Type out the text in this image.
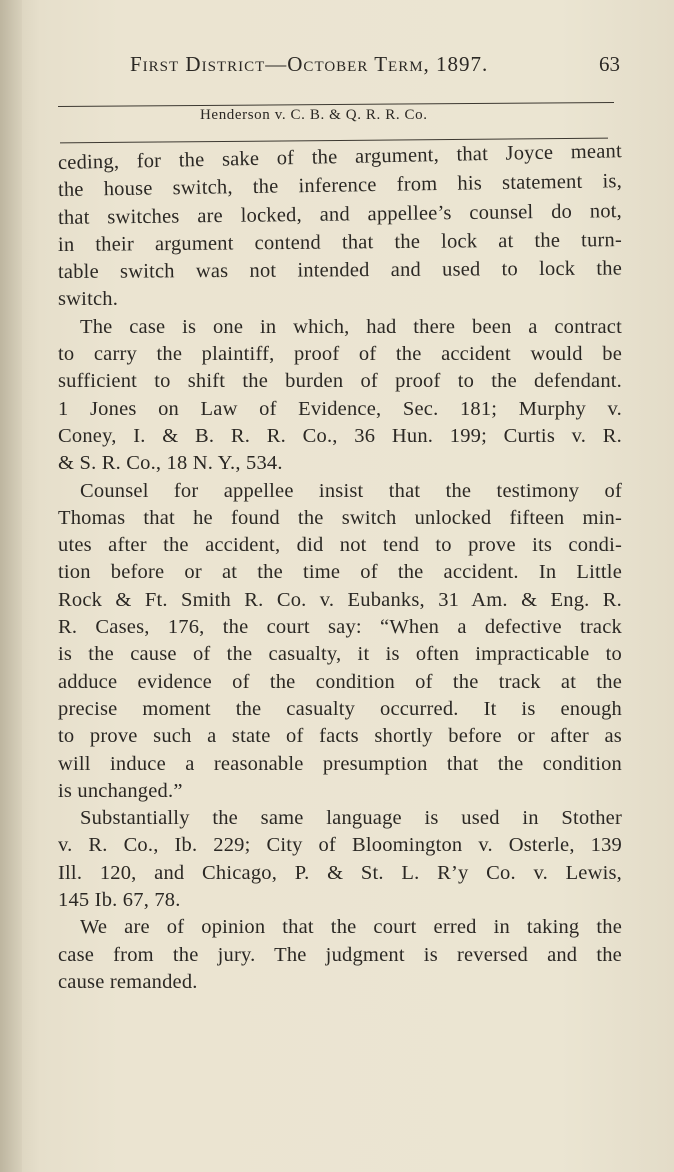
First District—October Term, 1897.	63
Henderson v. C. B. & Q. R. R. Co.
ceding, for the sake of the argument, that Joyce meant
the house switch, the inference from his statement is,
that switches are locked, and appellee’s counsel do not,
in their argument contend that the lock at the turn-
table switch was not intended and used to lock the
switch.
The case is one in which, had there been a contract
to carry the plaintiff, proof of the accident would be
sufficient to shift the burden of proof to the defendant.
1 Jones on Law of Evidence, Sec. 181; Murphy v.
Coney, I. & B. R. R. Co., 36 Hun. 199; Curtis v. R.
& S. R. Co., 18 N. Y., 534.
Counsel for appellee insist that the testimony of
Thomas that he found the switch unlocked fifteen min-
utes after the accident, did not tend to prove its condi-
tion before or at the time of the accident. In Little
Rock & Ft. Smith R. Co. v. Eubanks, 31 Am. & Eng. R.
R. Cases, 176, the court say: “When a defective track
is the cause of the casualty, it is often impracticable to
adduce evidence of the condition of the track at the
precise moment the casualty occurred. It is enough
to prove such a state of facts shortly before or after as
will induce a reasonable presumption that the condition
is unchanged.”
Substantially the same language is used in Stother
v. R. Co., Ib. 229; City of Bloomington v. Osterle, 139
Ill. 120, and Chicago, P. & St. L. R’y Co. v. Lewis,
145 Ib. 67, 78.
We are of opinion that the court erred in taking the
case from the jury. The judgment is reversed and the
cause remanded.
